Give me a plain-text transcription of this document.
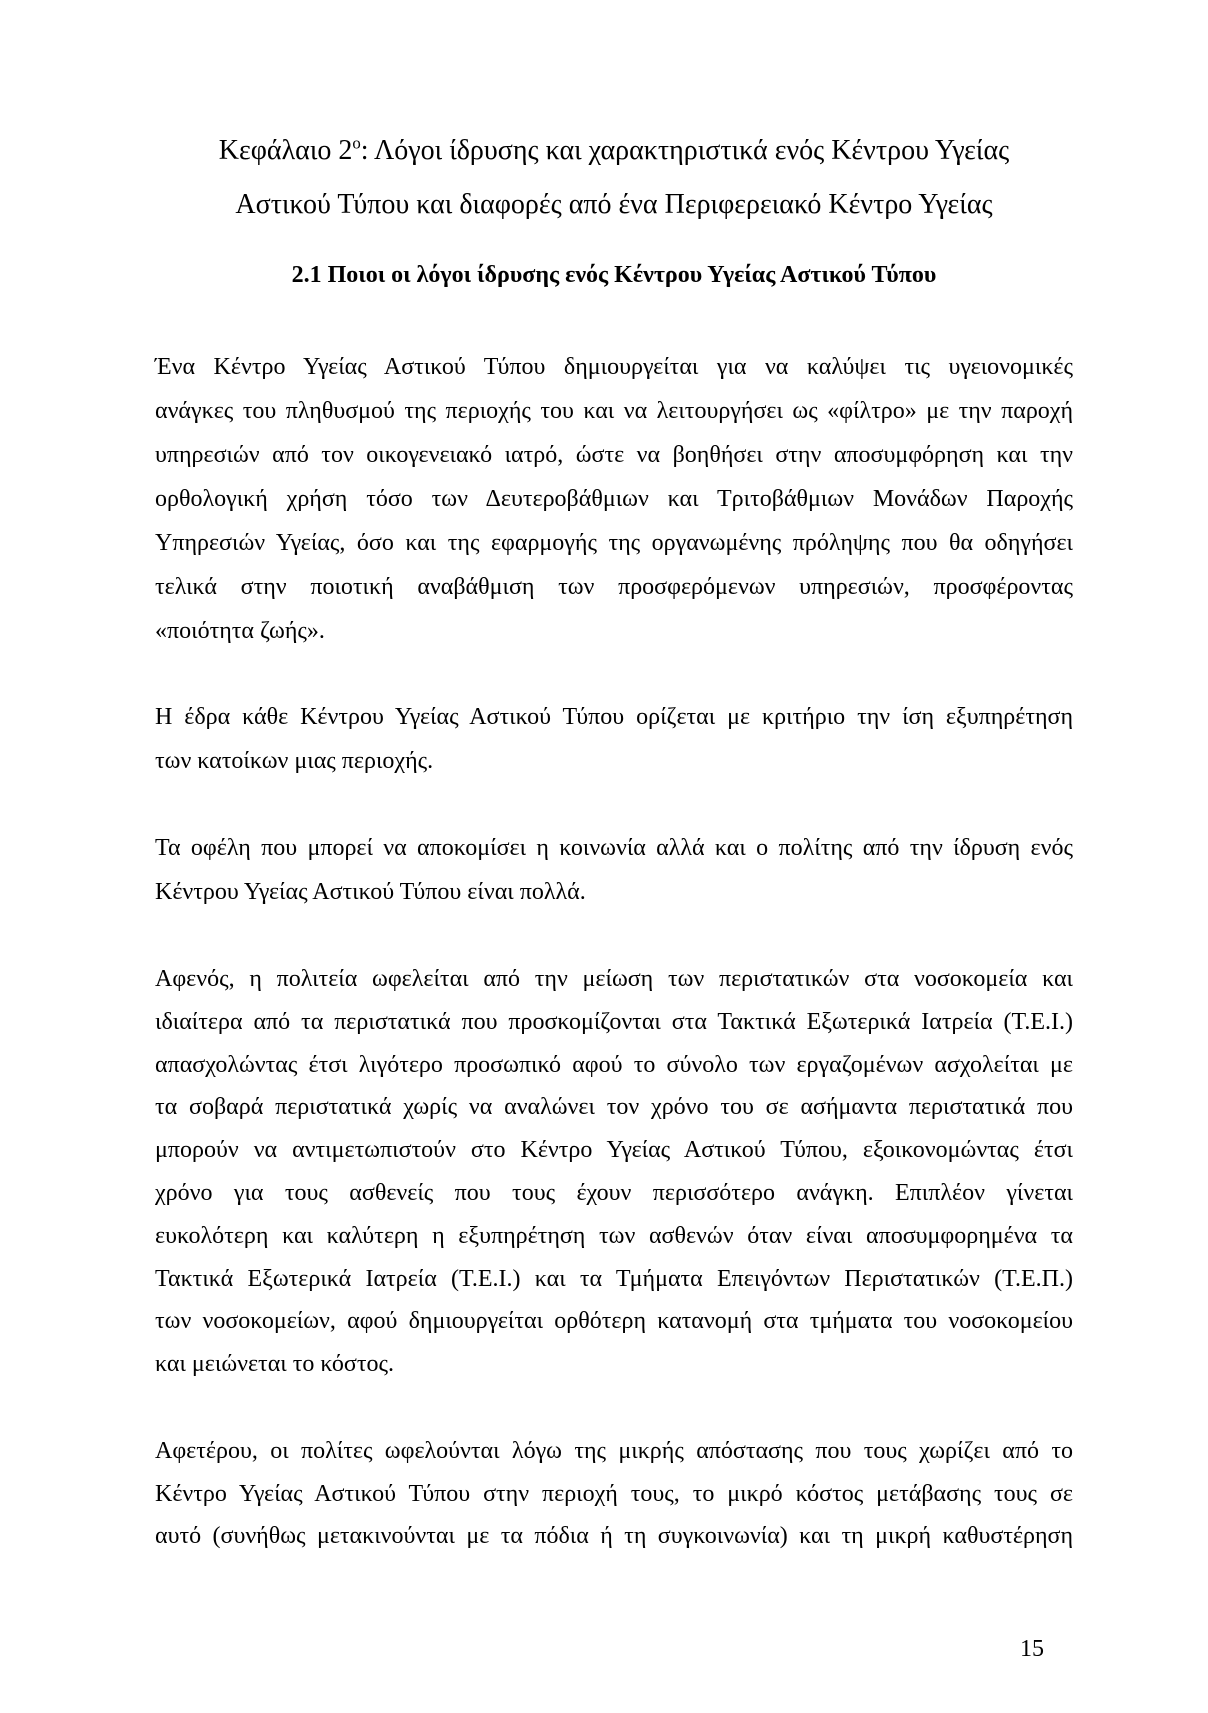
Κεφάλαιο $2^o$: Λόγοι ίδρυσης και χαρακτηριστικά ενός Κέντρου Υγείας
Αστικού Τύπου και διαφορές από ένα Περιφερειακό Κέντρο Υγείας
2.1 Ποιοι οι λόγοι ίδρυσης ενός Κέντρου Υγείας Αστικού Τύπου
Ένα Κέντρο Υγείας Αστικού Τύπου δημιουργείται για να καλύψει τις υγειονομικές
ανάγκες του πληθυσμού της περιοχής του και να λειτουργήσει ως «φίλτρο» με την παροχή
υπηρεσιών από τον οικογενειακό ιατρό, ώστε να βοηθήσει στην αποσυμφόρηση και την
ορθολογική χρήση τόσο των Δευτεροβάθμιων και Τριτοβάθμιων Μονάδων Παροχής
Υπηρεσιών Υγείας, όσο και της εφαρμογής της οργανωμένης πρόληψης που θα οδηγήσει
τελικά στην ποιοτική αναβάθμιση των προσφερόμενων υπηρεσιών, προσφέροντας
«ποιότητα ζωής».
Η έδρα κάθε Κέντρου Υγείας Αστικού Τύπου ορίζεται με κριτήριο την ίση εξυπηρέτηση
των κατοίκων μιας περιοχής.
Τα οφέλη που μπορεί να αποκομίσει η κοινωνία αλλά και ο πολίτης από την ίδρυση ενός
Κέντρου Υγείας Αστικού Τύπου είναι πολλά.
Αφενός, η πολιτεία ωφελείται από την μείωση των περιστατικών στα νοσοκομεία και
ιδιαίτερα από τα περιστατικά που προσκομίζονται στα Τακτικά Εξωτερικά Ιατρεία (Τ.Ε.Ι.)
απασχολώντας έτσι λιγότερο προσωπικό αφού το σύνολο των εργαζομένων ασχολείται με
τα σοβαρά περιστατικά χωρίς να αναλώνει τον χρόνο του σε ασήμαντα περιστατικά που
μπορούν να αντιμετωπιστούν στο Κέντρο Υγείας Αστικού Τύπου, εξοικονομώντας έτσι
χρόνο για τους ασθενείς που τους έχουν περισσότερο ανάγκη. Επιπλέον γίνεται
ευκολότερη και καλύτερη η εξυπηρέτηση των ασθενών όταν είναι αποσυμφορημένα τα
Τακτικά Εξωτερικά Ιατρεία (Τ.Ε.Ι.) και τα Τμήματα Επειγόντων Περιστατικών (Τ.Ε.Π.)
των νοσοκομείων, αφού δημιουργείται ορθότερη κατανομή στα τμήματα του νοσοκομείου
και μειώνεται το κόστος.
Αφετέρου, οι πολίτες ωφελούνται λόγω της μικρής απόστασης που τους χωρίζει από το
Κέντρο Υγείας Αστικού Τύπου στην περιοχή τους, το μικρό κόστος μετάβασης τους σε
αυτό (συνήθως μετακινούνται με τα πόδια ή τη συγκοινωνία) και τη μικρή καθυστέρηση
15
